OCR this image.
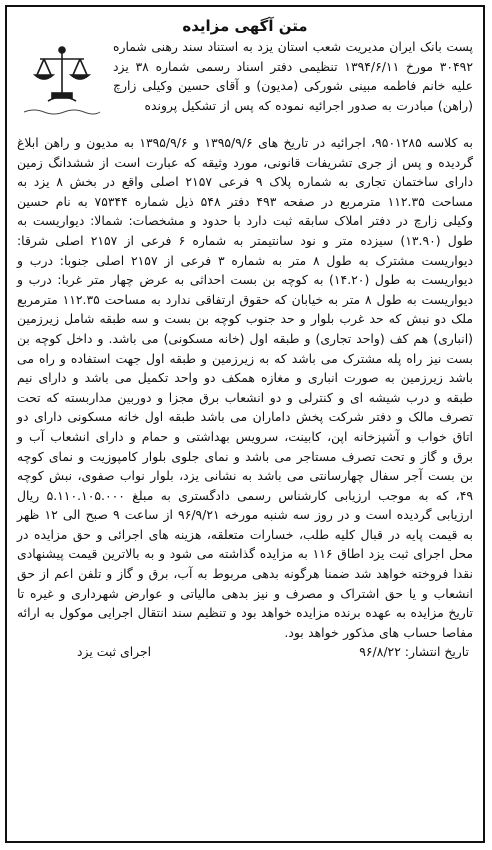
متن آگهی مزایده

پست بانک ایران مدیریت شعب استان یزد به استناد سند رهنی شماره ۳۰۴۹۲ مورخ ۱۳۹۴/۶/۱۱ تنظیمی دفتر اسناد رسمی شماره ۳۸ یزد علیه خانم فاطمه مبینی شورکی (مدیون) و آقای حسین وکیلی زارچ (راهن) مبادرت به صدور اجرائیه نموده که پس از تشکیل پرونده

به کلاسه ۹۵۰۱۲۸۵، اجرائیه در تاریخ های ۱۳۹۵/۹/۶ و ۱۳۹۵/۹/۶ به مدیون و راهن ابلاغ گردیده و پس از جری تشریفات قانونی، مورد وثیقه که عبارت است از ششدانگ زمین دارای ساختمان تجاری به شماره پلاک ۹ فرعی ۲۱۵۷ اصلی واقع در بخش ۸ یزد به مساحت ۱۱۲.۳۵ مترمربع در صفحه ۴۹۳ دفتر ۵۴۸ ذیل شماره ۷۵۳۴۴ به نام حسین وکیلی زارچ در دفتر املاک سابقه ثبت دارد با حدود و مشخصات: شمالا: دیواریست به طول (۱۳.۹۰) سیزده متر و نود سانتیمتر به شماره ۶ فرعی از ۲۱۵۷ اصلی شرقا: دیواریست مشترک به طول ۸ متر به شماره ۳ فرعی از ۲۱۵۷ اصلی جنوبا: درب و دیواریست به طول (۱۴.۲۰) به کوچه بن بست احداثی به عرض چهار متر غربا: درب و دیواریست به طول ۸ متر به خیابان که حقوق ارتفاقی ندارد به مساحت ۱۱۲.۳۵ مترمربع ملک دو نبش که حد غرب بلوار و حد جنوب کوچه بن بست و سه طبقه شامل زیرزمین (انباری) هم کف (واحد تجاری) و طبقه اول (خانه مسکونی) می باشد. و داخل کوچه بن بست نیز راه پله مشترک می باشد که به زیرزمین و طبقه اول جهت استفاده و راه می باشد زیرزمین به صورت انباری و مغازه همکف دو واحد تکمیل می باشد و دارای نیم طبقه و درب شیشه ای و کنترلی و دو انشعاب برق مجزا و دوربین مداربسته که تحت تصرف مالک و دفتر شرکت پخش داماران می باشد طبقه اول خانه مسکونی دارای دو اتاق خواب و آشپزخانه اپن، کابینت، سرویس بهداشتی و حمام و دارای انشعاب آب و برق و گاز و تحت تصرف مستاجر می باشد و نمای جلوی بلوار کامپوزیت و نمای کوچه بن بست آجر سفال چهارسانتی می باشد به نشانی یزد، بلوار نواب صفوی، نبش کوچه ۴۹، که به موجب ارزیابی کارشناس رسمی دادگستری به مبلغ ۵.۱۱۰.۱۰۵.۰۰۰ ریال ارزیابی گردیده است و در روز سه شنبه مورخه ۹۶/۹/۲۱ از ساعت ۹ صبح الی ۱۲ ظهر به قیمت پایه در قبال کلیه طلب، خسارات متعلقه، هزینه های اجرائی و حق مزایده در محل اجرای ثبت یزد اطاق ۱۱۶ به مزایده گذاشته می شود و به بالاترین قیمت پیشنهادی نقدا فروخته خواهد شد ضمنا هرگونه بدهی مربوط به آب، برق و گاز و تلفن اعم از حق انشعاب و یا حق اشتراک و مصرف و نیز بدهی مالیاتی و عوارض شهرداری و غیره تا تاریخ مزایده به عهده برنده مزایده خواهد بود و تنظیم سند انتقال اجرایی موکول به ارائه مفاصا حساب های مذکور خواهد بود.

تاریخ انتشار: ۹۶/۸/۲۲
اجرای ثبت یزد
